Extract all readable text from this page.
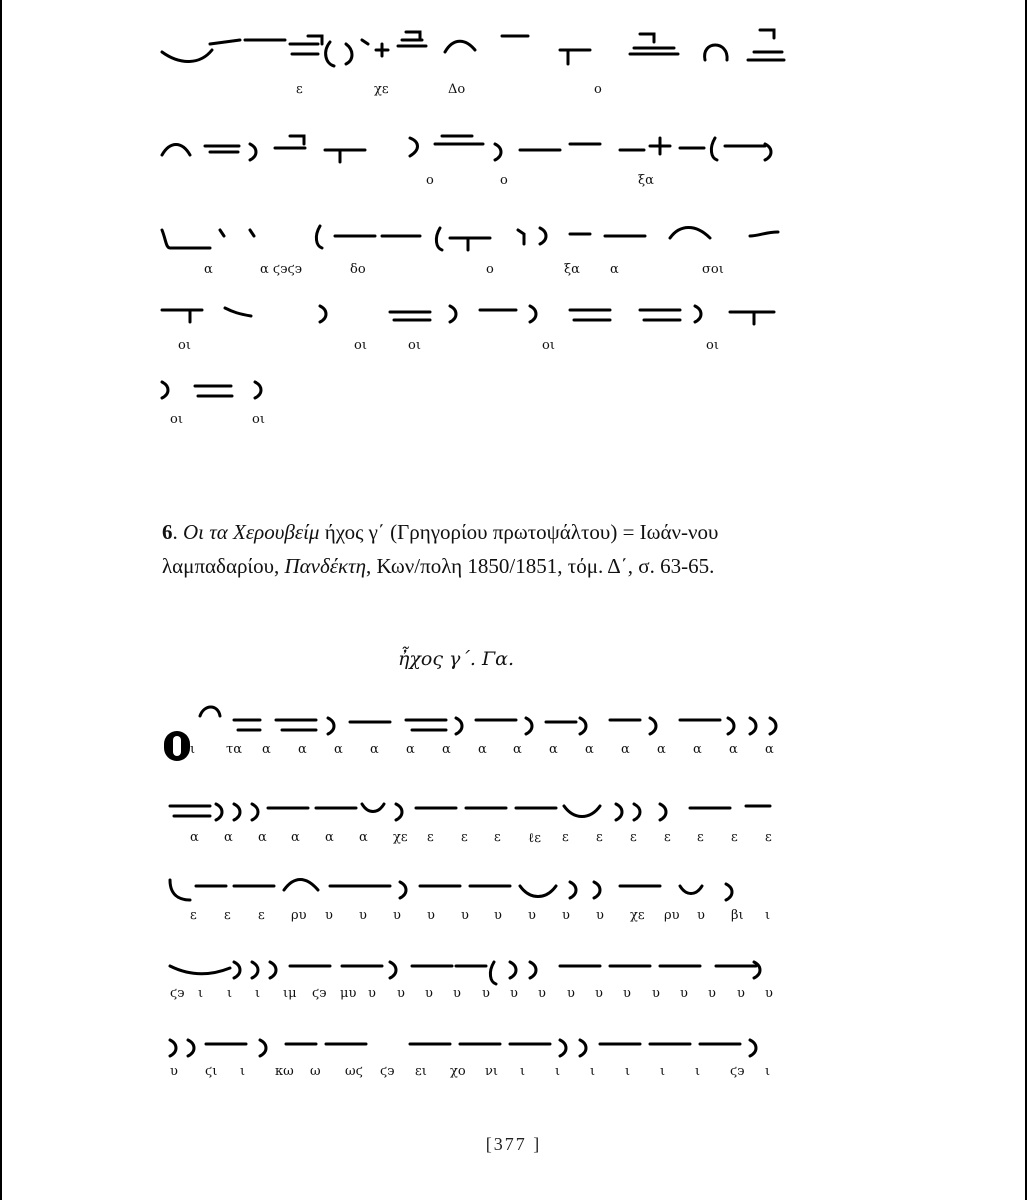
ε	χε	Δο	ο
ο	ο	ξα
α	α ϛ϶ϛ϶	δο	ο	ξα α	σοι
οι	οι	οι	οι	οι
οι	οι
6. Οι τα Χερουβείμ ήχος γ΄ (Γρηγορίου πρωτοψάλτου) = Ιωάν-νου λαμπαδαρίου, Πανδέκτη, Κων/πολη 1850/1851, τόμ. Δ΄, σ. 63-65.
ἦχος γ΄. Γα.
ι τα α α α α α α α α α α α α α α α
α α α α α α χε ε ε ε ℓε ε ε ε ε ε ε ε
ε ε ε ρυ υ υ υ υ υ υ υ υ υ χε ρυ υ βι ι
ϛ϶ ι ι ι ιμ ϛ϶ μυ υ υ υ υ υ υ υ υ υ υ υ υ υ υ υ
υ ϛι ι κω ω ωϛ ϛ϶ ει χο νι ι ι ι ι ι ι ϛ϶ ι
[377 ]
